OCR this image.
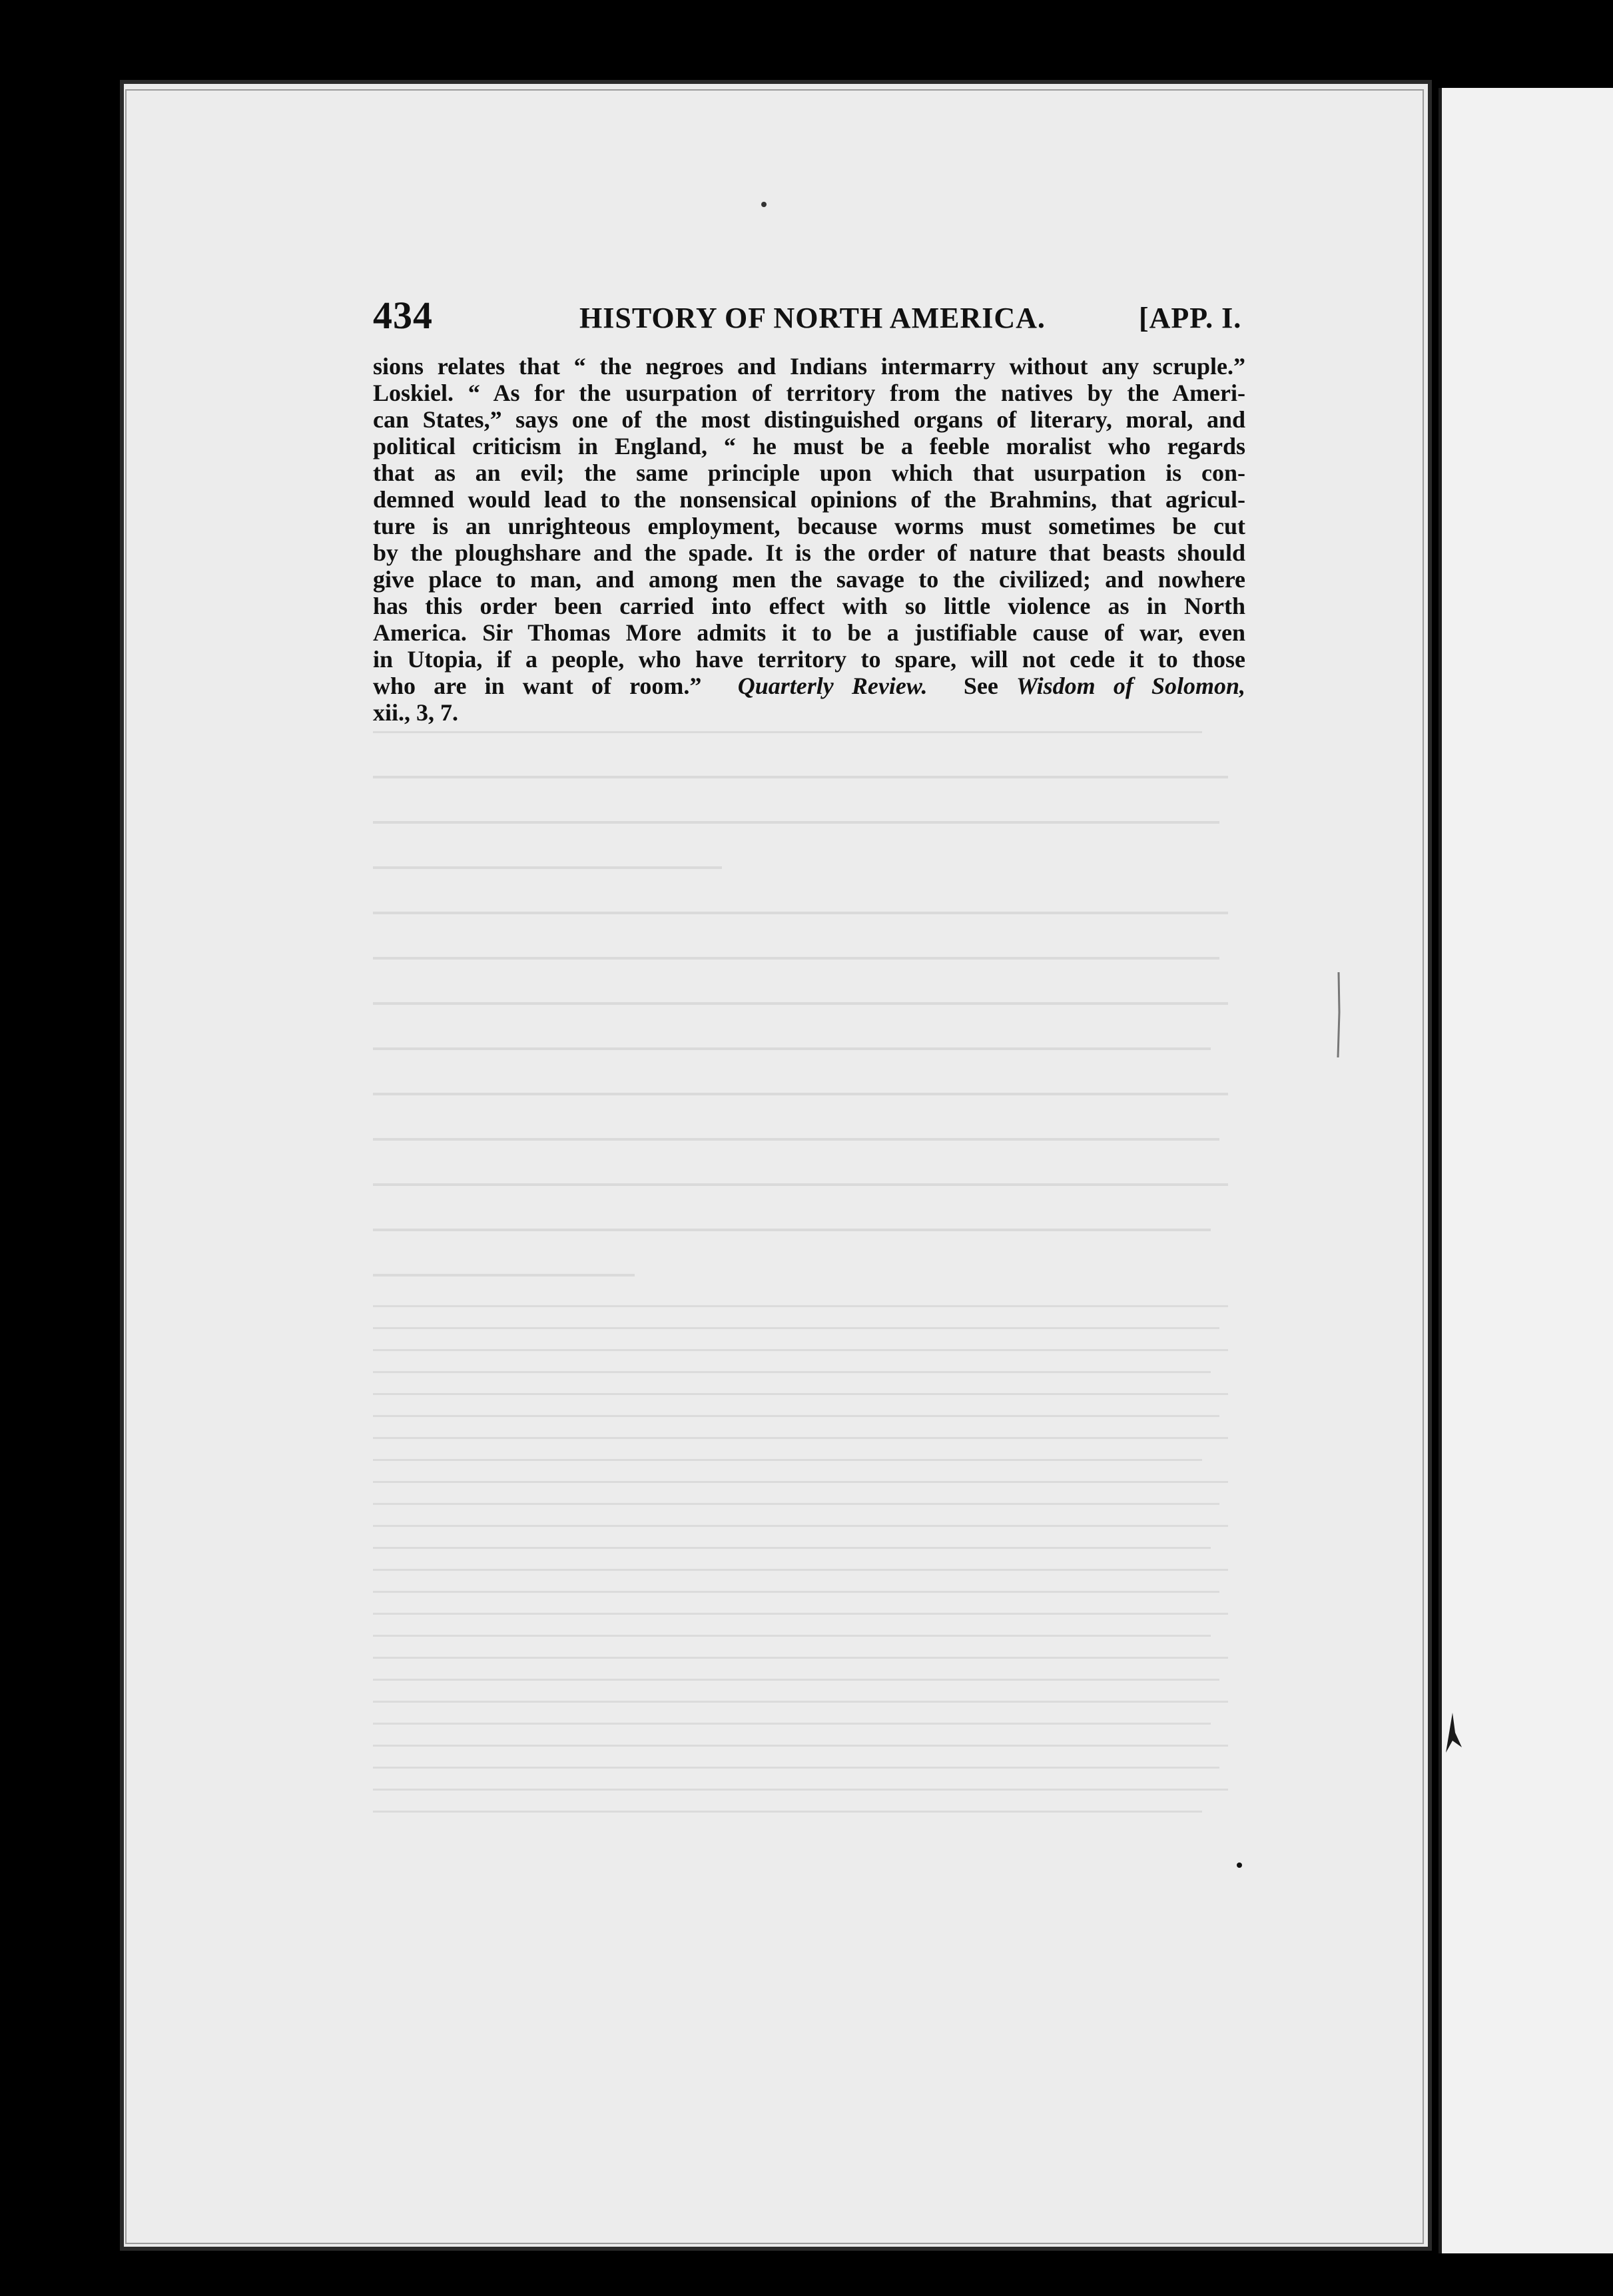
434	HISTORY OF NORTH AMERICA.	[APP. I.
sions relates that “ the negroes and Indians intermarry without any scruple.”
Loskiel. “ As for the usurpation of territory from the natives by the Ameri-
can States,” says one of the most distinguished organs of literary, moral, and
political criticism in England, “ he must be a feeble moralist who regards
that as an evil; the same principle upon which that usurpation is con-
demned would lead to the nonsensical opinions of the Brahmins, that agricul-
ture is an unrighteous employment, because worms must sometimes be cut
by the ploughshare and the spade. It is the order of nature that beasts should
give place to man, and among men the savage to the civilized; and nowhere
has this order been carried into effect with so little violence as in North
America. Sir Thomas More admits it to be a justifiable cause of war, even
in Utopia, if a people, who have territory to spare, will not cede it to those
who are in want of room.” Quarterly Review. See Wisdom of Solomon,
xii., 3, 7.
